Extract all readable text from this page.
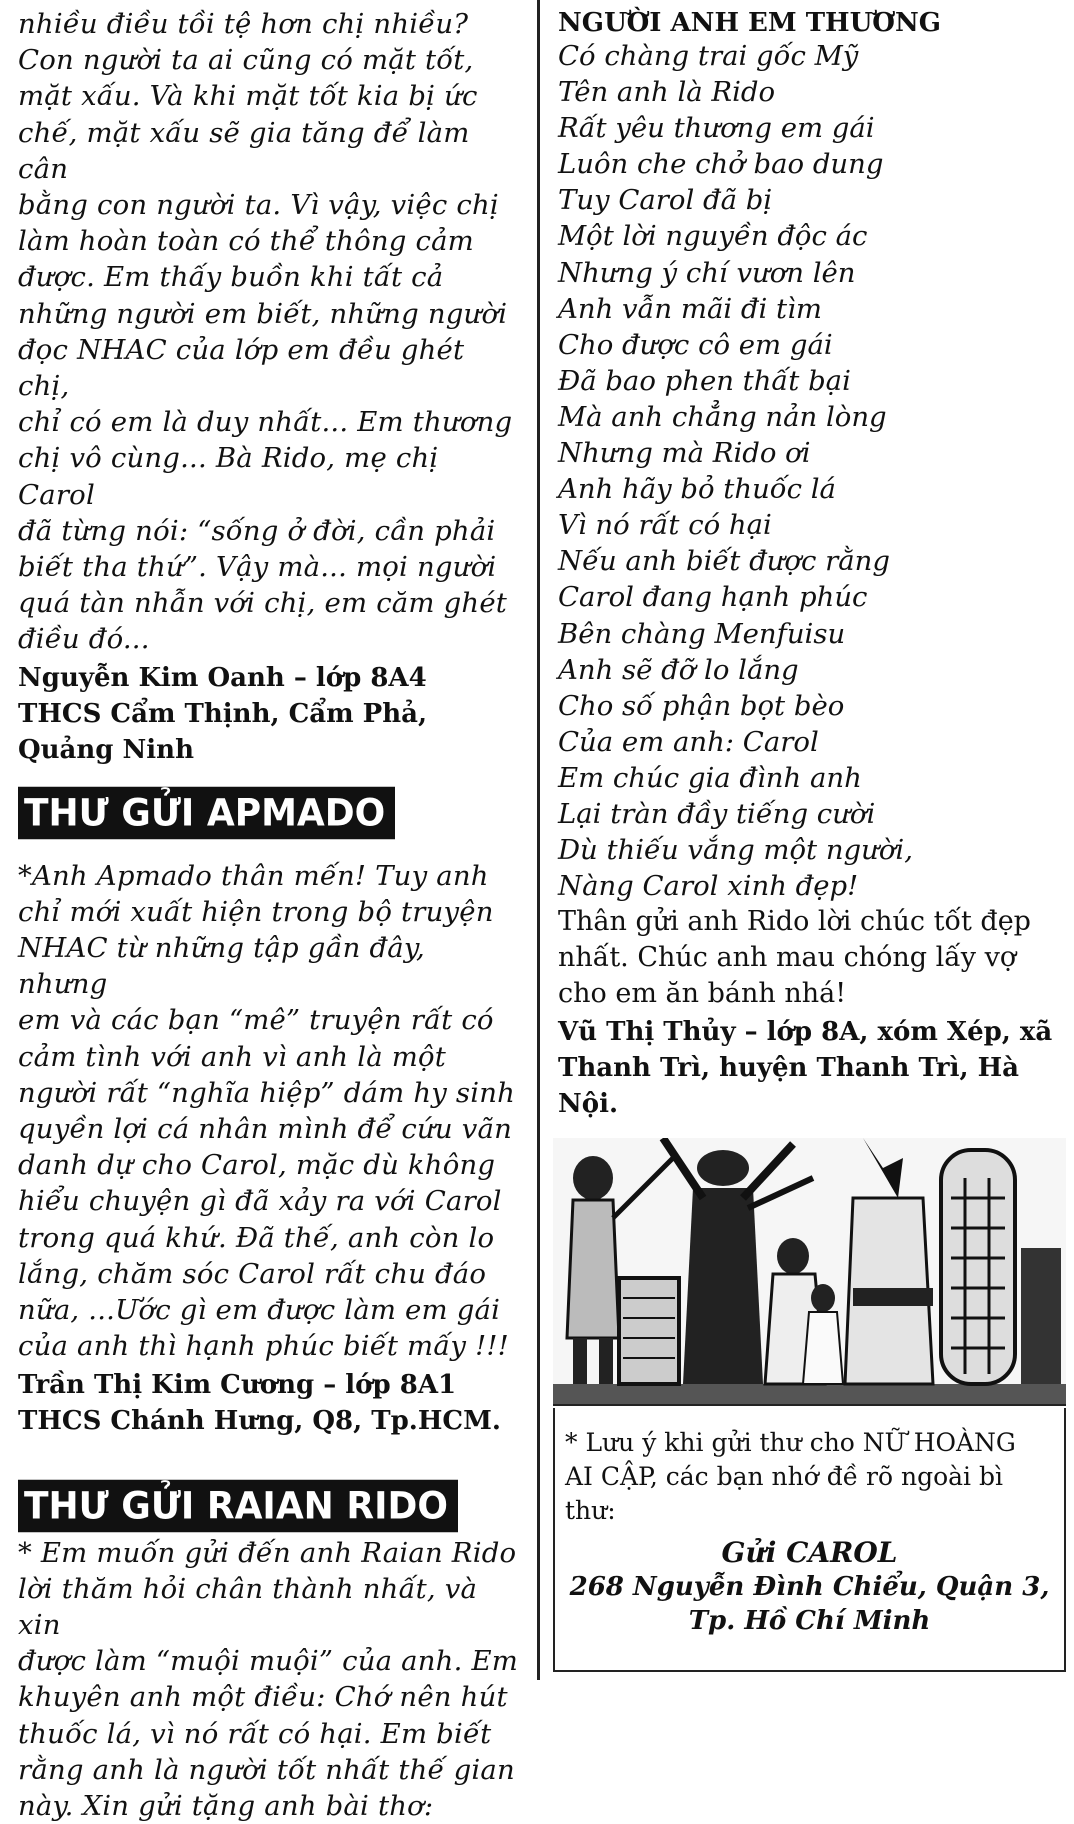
nhiều điều tồi tệ hơn chị nhiều?

Con người ta ai cũng có mặt tốt,

mặt xấu. Và khi mặt tốt kia bị ức

chế, mặt xấu sẽ gia tăng để làm cân

bằng con người ta. Vì vậy, việc chị

làm hoàn toàn có thể thông cảm

được. Em thấy buồn khi tất cả

những người em biết, những người

đọc NHAC của lớp em đều ghét chị,

chỉ có em là duy nhất... Em thương

chị vô cùng... Bà Rido, mẹ chị Carol

đã từng nói: “sống ở đời, cần phải

biết tha thứ”. Vậy mà... mọi người

quá tàn nhẫn với chị, em căm ghét

điều đó...

Nguyễn Kim Oanh – lớp 8A4
THCS Cẩm Thịnh, Cẩm Phả,
Quảng Ninh
THƯ GỬI APMADO

*Anh Apmado thân mến! Tuy anh

chỉ mới xuất hiện trong bộ truyện

NHAC từ những tập gần đây, nhưng

em và các bạn “mê” truyện rất có

cảm tình với anh vì anh là một

người rất “nghĩa hiệp” dám hy sinh

quyền lợi cá nhân mình để cứu vãn

danh dự cho Carol, mặc dù không

hiểu chuyện gì đã xảy ra với Carol

trong quá khứ. Đã thế, anh còn lo

lắng, chăm sóc Carol rất chu đáo

nữa, ...Ước gì em được làm em gái

của anh thì hạnh phúc biết mấy !!!

Trần Thị Kim Cương – lớp 8A1
THCS Chánh Hưng, Q8, Tp.HCM.
THƯ GỬI RAIAN RIDO

* Em muốn gửi đến anh Raian Rido

lời thăm hỏi chân thành nhất, và xin

được làm “muội muội” của anh. Em

khuyên anh một điều: Chớ nên hút

thuốc lá, vì nó rất có hại. Em biết

rằng anh là người tốt nhất thế gian

này. Xin gửi tặng anh bài thơ:

NGƯỜI ANH EM THƯƠNG
Có chàng trai gốc Mỹ
Tên anh là Rido
Rất yêu thương em gái
Luôn che chở bao dung
Tuy Carol đã bị
Một lời nguyền độc ác
Nhưng ý chí vươn lên
Anh vẫn mãi đi tìm
Cho được cô em gái
Đã bao phen thất bại
Mà anh chẳng nản lòng
Nhưng mà Rido ơi
Anh hãy bỏ thuốc lá
Vì nó rất có hại
Nếu anh biết được rằng
Carol đang hạnh phúc
Bên chàng Menfuisu
Anh sẽ đỡ lo lắng
Cho số phận bọt bèo
Của em anh: Carol
Em chúc gia đình anh
Lại tràn đầy tiếng cười
Dù thiếu vắng một người,
Nàng Carol xinh đẹp!
Thân gửi anh Rido lời chúc tốt đẹp
nhất. Chúc anh mau chóng lấy vợ
cho em ăn bánh nhá!
Vũ Thị Thủy – lớp 8A, xóm Xép, xã
Thanh Trì, huyện Thanh Trì, Hà
Nội.
* Lưu ý khi gửi thư cho NỮ HOÀNG
AI CẬP, các bạn nhớ đề rõ ngoài bì
thư:
Gửi CAROL
268 Nguyễn Đình Chiểu, Quận 3,
Tp. Hồ Chí Minh
